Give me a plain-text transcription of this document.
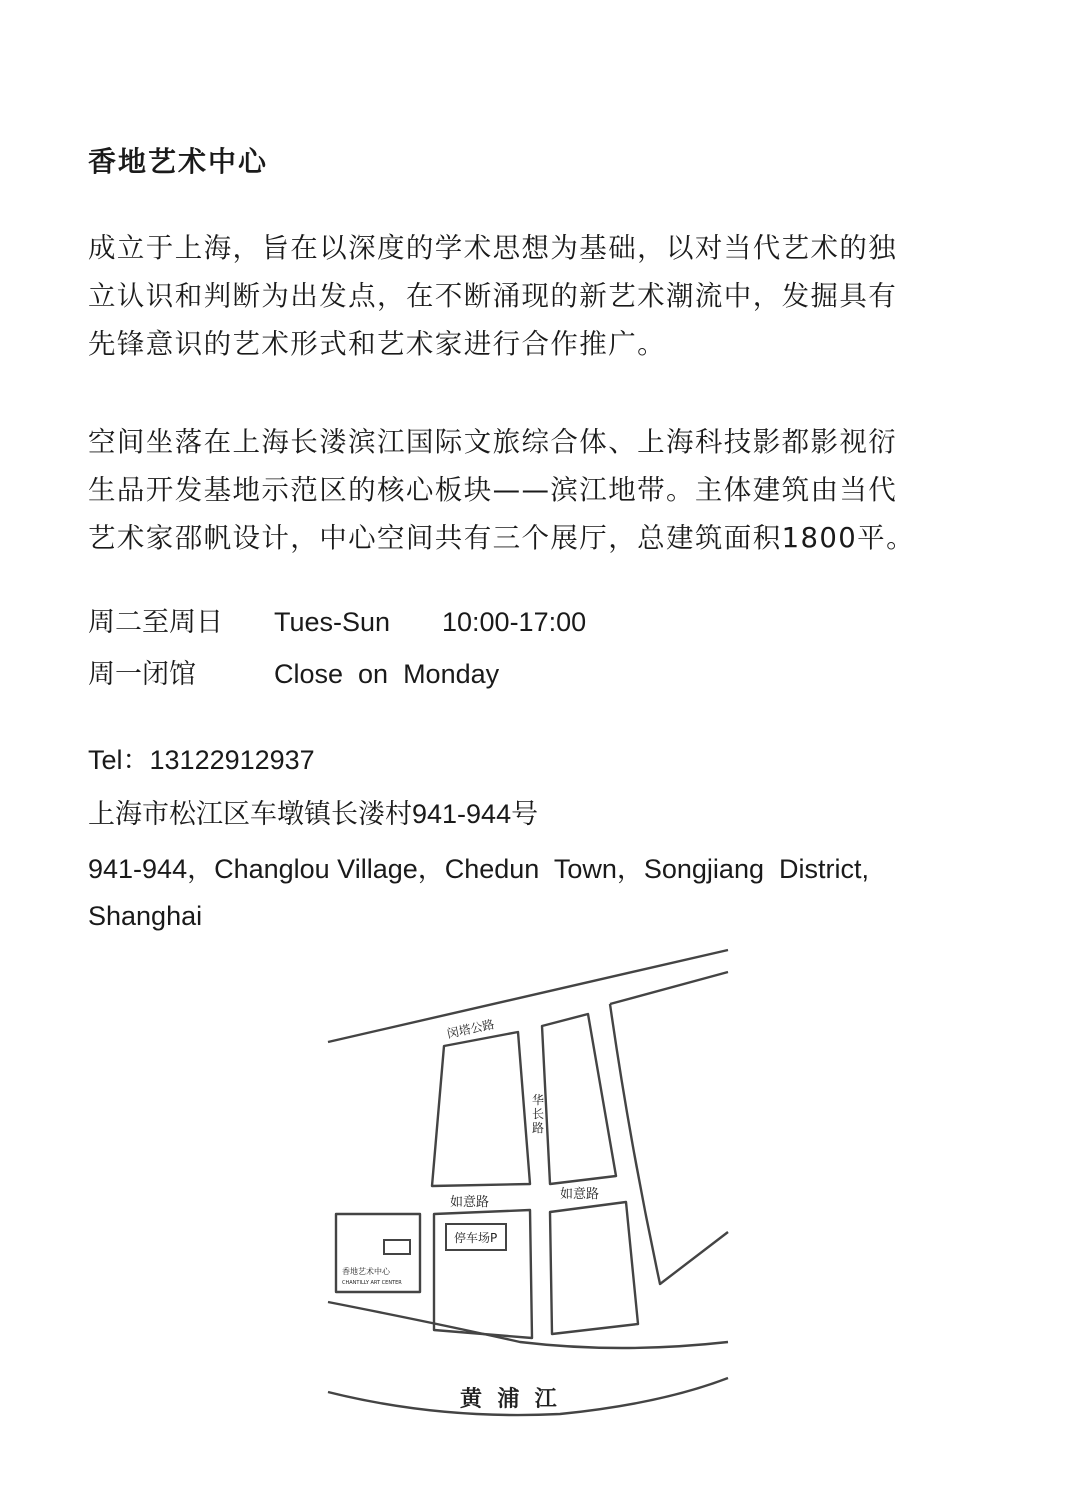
香地艺术中心

成立于上海，旨在以深度的学术思想为基础，以对当代艺术的独
立认识和判断为出发点，在不断涌现的新艺术潮流中，发掘具有
先锋意识的艺术形式和艺术家进行合作推广。

空间坐落在上海长溇滨江国际文旅综合体、上海科技影都影视衍
生品开发基地示范区的核心板块——滨江地带。主体建筑由当代
艺术家邵帆设计，中心空间共有三个展厅，总建筑面积1800平。

周二至周日 Tues-Sun 10:00-17:00
周一闭馆	Close  on  Monday
Tel：13122912937
上海市松江区车墩镇长溇村941-944号
941-944，Changlou Village，Chedun  Town，Songjiang  District,
Shanghai
闵塔公路
如意路
如意路
停车场P
香地艺术中心
CHANTILLY ART CENTER
黄  浦  江
华 长 路
